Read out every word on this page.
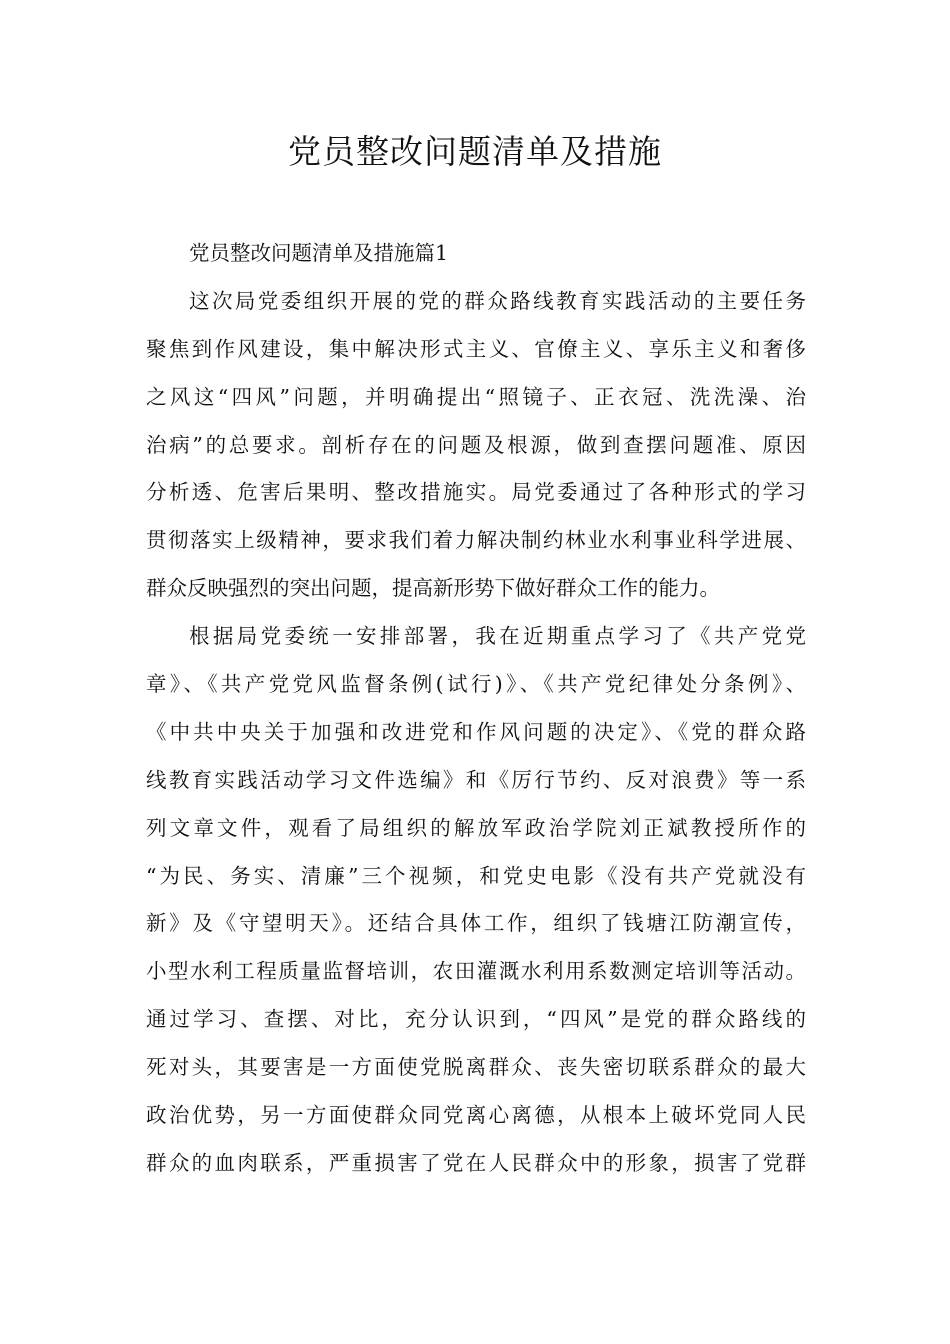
党员整改问题清单及措施
党员整改问题清单及措施篇1
这次局党委组织开展的党的群众路线教育实践活动的主要任务
聚焦到作风建设，集中解决形式主义、官僚主义、享乐主义和奢侈
之风这“四风”问题，并明确提出“照镜子、正衣冠、洗洗澡、治
治病”的总要求。剖析存在的问题及根源，做到查摆问题准、原因
分析透、危害后果明、整改措施实。局党委通过了各种形式的学习
贯彻落实上级精神，要求我们着力解决制约林业水利事业科学进展、
群众反映强烈的突出问题，提高新形势下做好群众工作的能力。
根据局党委统一安排部署，我在近期重点学习了《共产党党
章》、《共产党党风监督条例(试行)》、《共产党纪律处分条例》、
《中共中央关于加强和改进党和作风问题的决定》、《党的群众路
线教育实践活动学习文件选编》和《厉行节约、反对浪费》等一系
列文章文件，观看了局组织的解放军政治学院刘正斌教授所作的
“为民、务实、清廉”三个视频，和党史电影《没有共产党就没有
新》及《守望明天》。还结合具体工作，组织了钱塘江防潮宣传，
小型水利工程质量监督培训，农田灌溉水利用系数测定培训等活动。
通过学习、查摆、对比，充分认识到，“四风”是党的群众路线的
死对头，其要害是一方面使党脱离群众、丧失密切联系群众的最大
政治优势，另一方面使群众同党离心离德，从根本上破坏党同人民
群众的血肉联系，严重损害了党在人民群众中的形象，损害了党群
